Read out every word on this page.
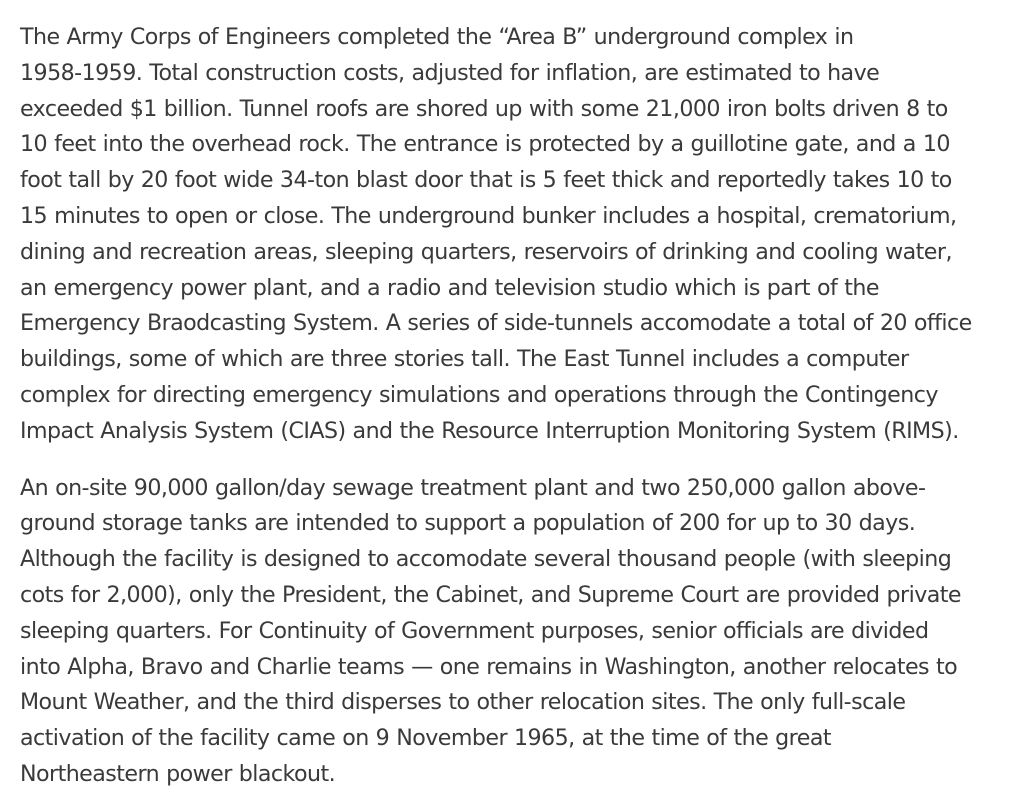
The Army Corps of Engineers completed the “Area B” underground complex in 1958-1959. Total construction costs, adjusted for inflation, are estimated to have exceeded $1 billion. Tunnel roofs are shored up with some 21,000 iron bolts driven 8 to 10 feet into the overhead rock. The entrance is protected by a guillotine gate, and a 10 foot tall by 20 foot wide 34-ton blast door that is 5 feet thick and reportedly takes 10 to 15 minutes to open or close. The underground bunker includes a hospital, crematorium, dining and recreation areas, sleeping quarters, reservoirs of drinking and cooling water, an emergency power plant, and a radio and television studio which is part of the Emergency Braodcasting System. A series of side-tunnels accomodate a total of 20 office buildings, some of which are three stories tall. The East Tunnel includes a computer complex for directing emergency simulations and operations through the Contingency Impact Analysis System (CIAS) and the Resource Interruption Monitoring System (RIMS).

An on-site 90,000 gallon/day sewage treatment plant and two 250,000 gallon above- ground storage tanks are intended to support a population of 200 for up to 30 days. Although the facility is designed to accomodate several thousand people (with sleeping cots for 2,000), only the President, the Cabinet, and Supreme Court are provided private sleeping quarters. For Continuity of Government purposes, senior officials are divided into Alpha, Bravo and Charlie teams — one remains in Washington, another relocates to Mount Weather, and the third disperses to other relocation sites. The only full-scale activation of the facility came on 9 November 1965, at the time of the great Northeastern power blackout.
